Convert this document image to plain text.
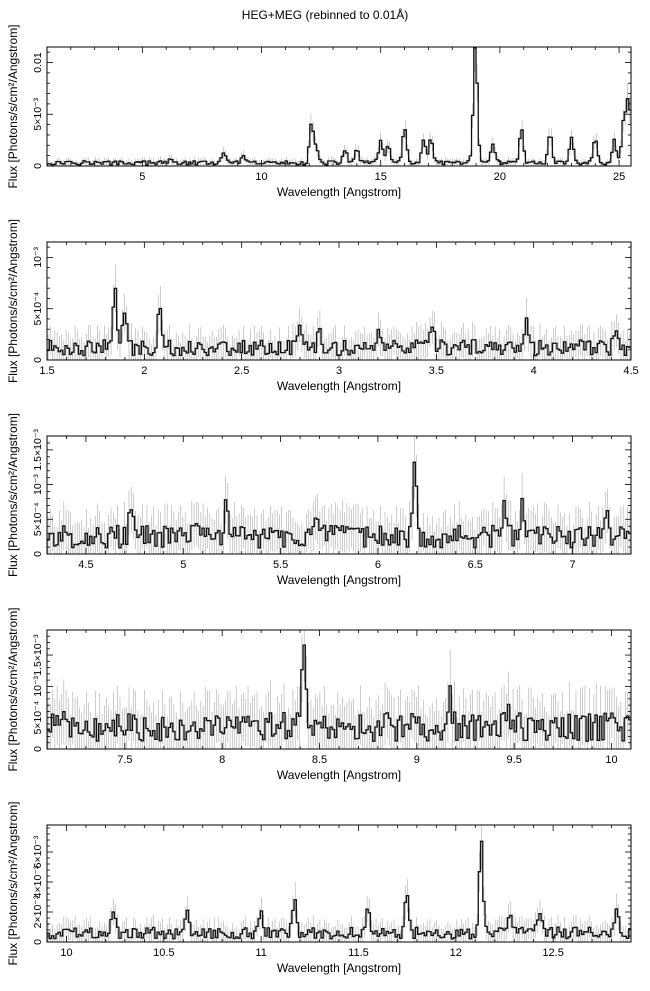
HEG+MEG (rebinned to 0.01Å)
5	10	15	20	25
0
5×10⁻³
0.01
Wavelength [Angstrom]
Flux [Photons/s/cm²/Angstrom]
1.5	2	2.5	3	3.5	4	4.5
0
5×10⁻⁴
10⁻³
Wavelength [Angstrom]
Flux [Photons/s/cm²/Angstrom]
4.5	5	5.5	6	6.5	7
0
5×10⁻⁴
10⁻³
1.5×10⁻³
Wavelength [Angstrom]
Flux [Photons/s/cm²/Angstrom]
7.5	8	8.5	9	9.5	10
0
5×10⁻⁴
10⁻³
1.5×10⁻³
Wavelength [Angstrom]
Flux [Photons/s/cm²/Angstrom]
10	10.5	11	11.5	12	12.5
0
2×10⁻³
4×10⁻³
6×10⁻³
Wavelength [Angstrom]
Flux [Photons/s/cm²/Angstrom]
